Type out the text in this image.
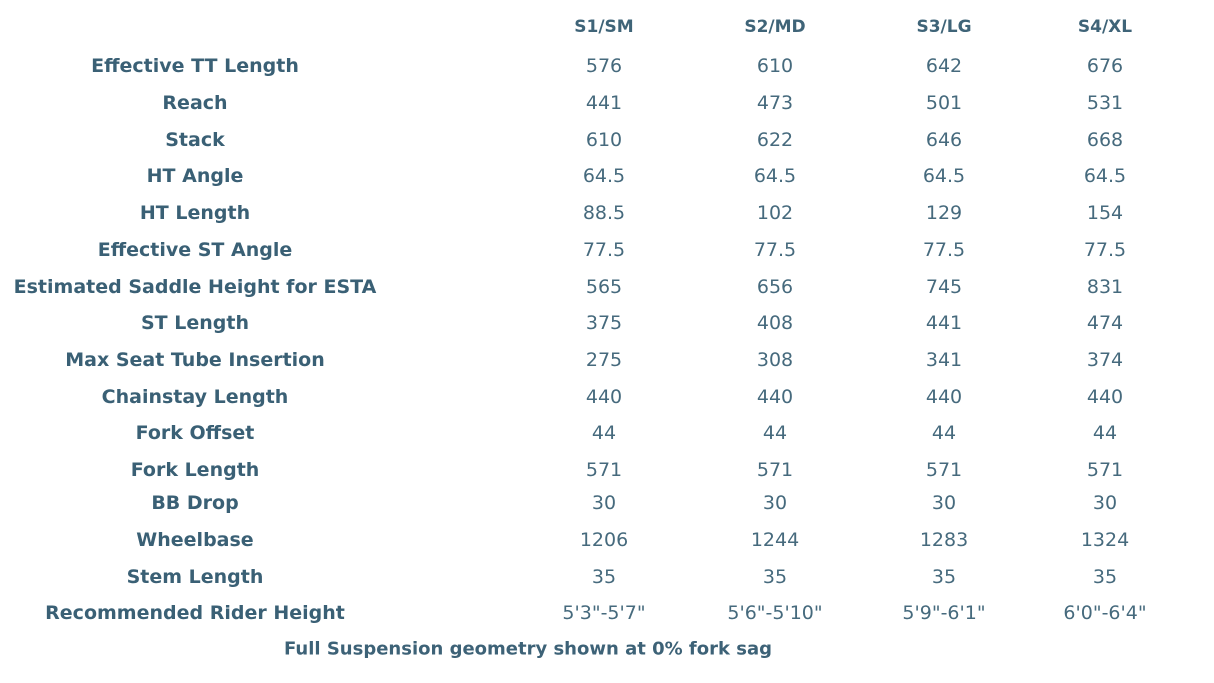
S1/SM	S2/MD	S3/LG	S4/XL
Effective TT Length	576	610	642	676
Reach	441	473	501	531
Stack	610	622	646	668
HT Angle	64.5	64.5	64.5	64.5
HT Length	88.5	102	129	154
Effective ST Angle	77.5	77.5	77.5	77.5
Estimated Saddle Height for ESTA	565	656	745	831
ST Length	375	408	441	474
Max Seat Tube Insertion	275	308	341	374
Chainstay Length	440	440	440	440
Fork Offset	44	44	44	44
Fork Length	571	571	571	571
BB Drop	30	30	30	30
Wheelbase	1206	1244	1283	1324
Stem Length	35	35	35	35
Recommended Rider Height	5'3"-5'7"	5'6"-5'10"	5'9"-6'1"	6'0"-6'4"
Full Suspension geometry shown at 0% fork sag
